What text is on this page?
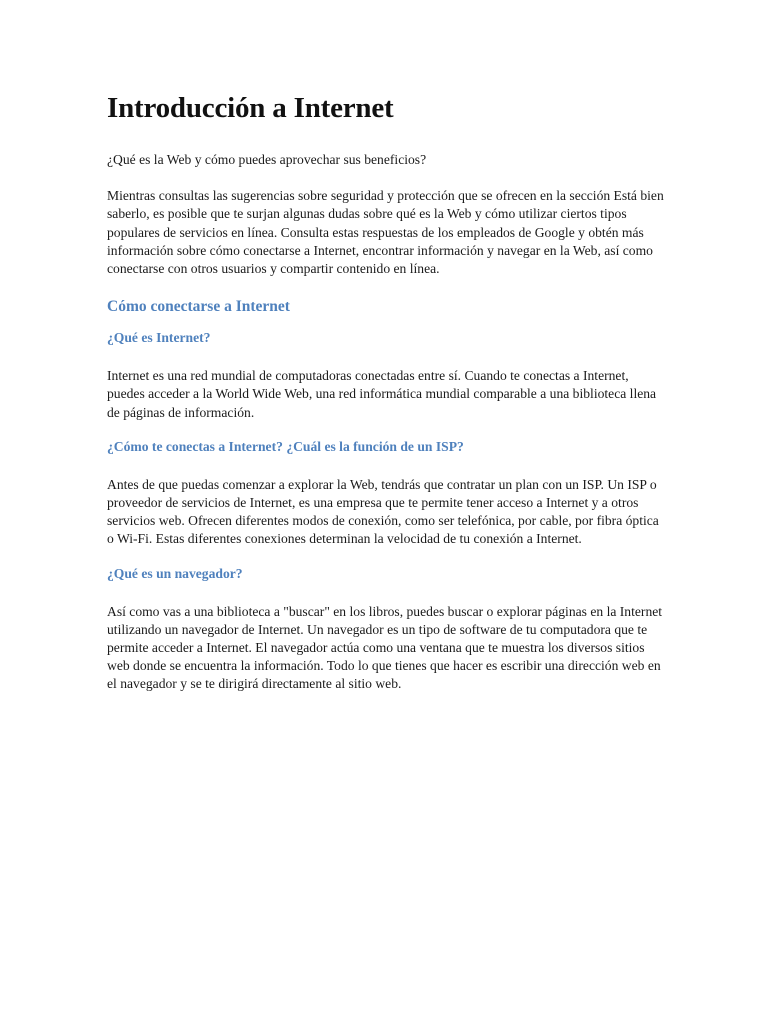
Introducción a Internet

¿Qué es la Web y cómo puedes aprovechar sus beneficios?

Mientras consultas las sugerencias sobre seguridad y protección que se ofrecen en la sección Está bien saberlo, es posible que te surjan algunas dudas sobre qué es la Web y cómo utilizar ciertos tipos populares de servicios en línea. Consulta estas respuestas de los empleados de Google y obtén más información sobre cómo conectarse a Internet, encontrar información y navegar en la Web, así como conectarse con otros usuarios y compartir contenido en línea.

Cómo conectarse a Internet
¿Qué es Internet?

Internet es una red mundial de computadoras conectadas entre sí. Cuando te conectas a Internet, puedes acceder a la World Wide Web, una red informática mundial comparable a una biblioteca llena de páginas de información.

¿Cómo te conectas a Internet? ¿Cuál es la función de un ISP?

Antes de que puedas comenzar a explorar la Web, tendrás que contratar un plan con un ISP. Un ISP o proveedor de servicios de Internet, es una empresa que te permite tener acceso a Internet y a otros servicios web. Ofrecen diferentes modos de conexión, como ser telefónica, por cable, por fibra óptica o Wi-Fi. Estas diferentes conexiones determinan la velocidad de tu conexión a Internet.

¿Qué es un navegador?

Así como vas a una biblioteca a "buscar" en los libros, puedes buscar o explorar páginas en la Internet utilizando un navegador de Internet. Un navegador es un tipo de software de tu computadora que te permite acceder a Internet. El navegador actúa como una ventana que te muestra los diversos sitios web donde se encuentra la información. Todo lo que tienes que hacer es escribir una dirección web en el navegador y se te dirigirá directamente al sitio web.
